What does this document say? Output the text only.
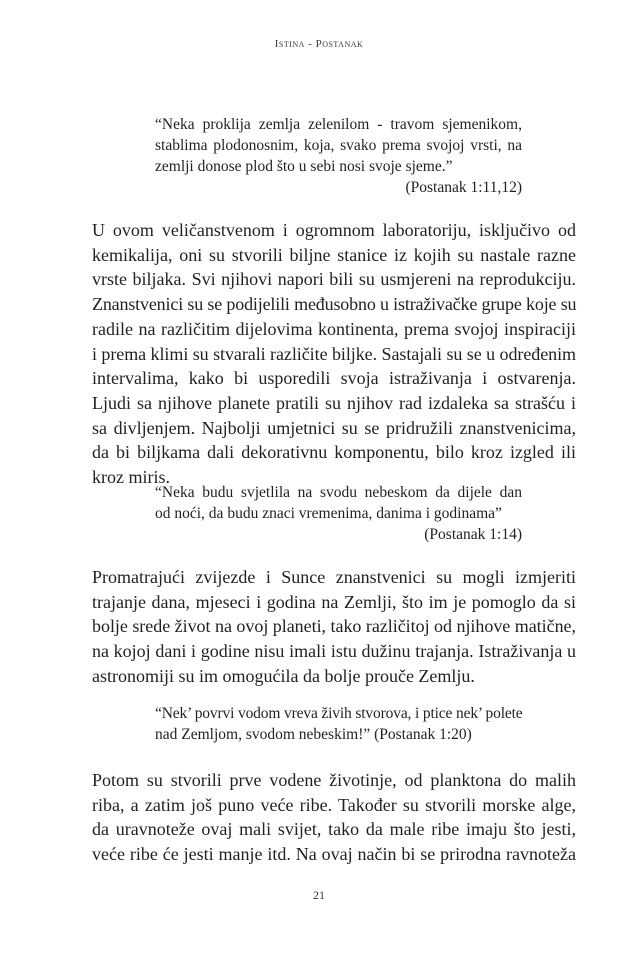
Istina - Postanak
“Neka proklija zemlja zelenilom - travom sjemenikom,
stablima plodonosnim, koja, svako prema svojoj vrsti, na
zemlji donose plod što u sebi nosi svoje sjeme.”
(Postanak 1:11,12)
U ovom veličanstvenom i ogromnom laboratoriju, isključivo od
kemikalija, oni su stvorili biljne stanice iz kojih su nastale razne
vrste biljaka. Svi njihovi napori bili su usmjereni na reprodukciju.
Znanstvenici su se podijelili međusobno u istraživačke grupe koje su
radile na različitim dijelovima kontinenta, prema svojoj inspiraciji
i prema klimi su stvarali različite biljke. Sastajali su se u određenim
intervalima, kako bi usporedili svoja istraživanja i ostvarenja.
Ljudi sa njihove planete pratili su njihov rad izdaleka sa strašću i
sa divljenjem. Najbolji umjetnici su se pridružili znanstvenicima,
da bi biljkama dali dekorativnu komponentu, bilo kroz izgled ili
kroz miris.
“Neka budu svjetlila na svodu nebeskom da dijele dan
od noći, da budu znaci vremenima, danima i godinama”
(Postanak 1:14)
Promatrajući zvijezde i Sunce znanstvenici su mogli izmjeriti
trajanje dana, mjeseci i godina na Zemlji, što im je pomoglo da si
bolje srede život na ovoj planeti, tako različitoj od njihove matične,
na kojoj dani i godine nisu imali istu dužinu trajanja. Istraživanja u
astronomiji su im omogućila da bolje prouče Zemlju.
“Nek’ povrvi vodom vreva živih stvorova, i ptice nek’ polete
nad Zemljom, svodom nebeskim!” (Postanak 1:20)
Potom su stvorili prve vodene životinje, od planktona do malih
riba, a zatim još puno veće ribe. Također su stvorili morske alge,
da uravnoteže ovaj mali svijet, tako da male ribe imaju što jesti,
veće ribe će jesti manje itd. Na ovaj način bi se prirodna ravnoteža
21
